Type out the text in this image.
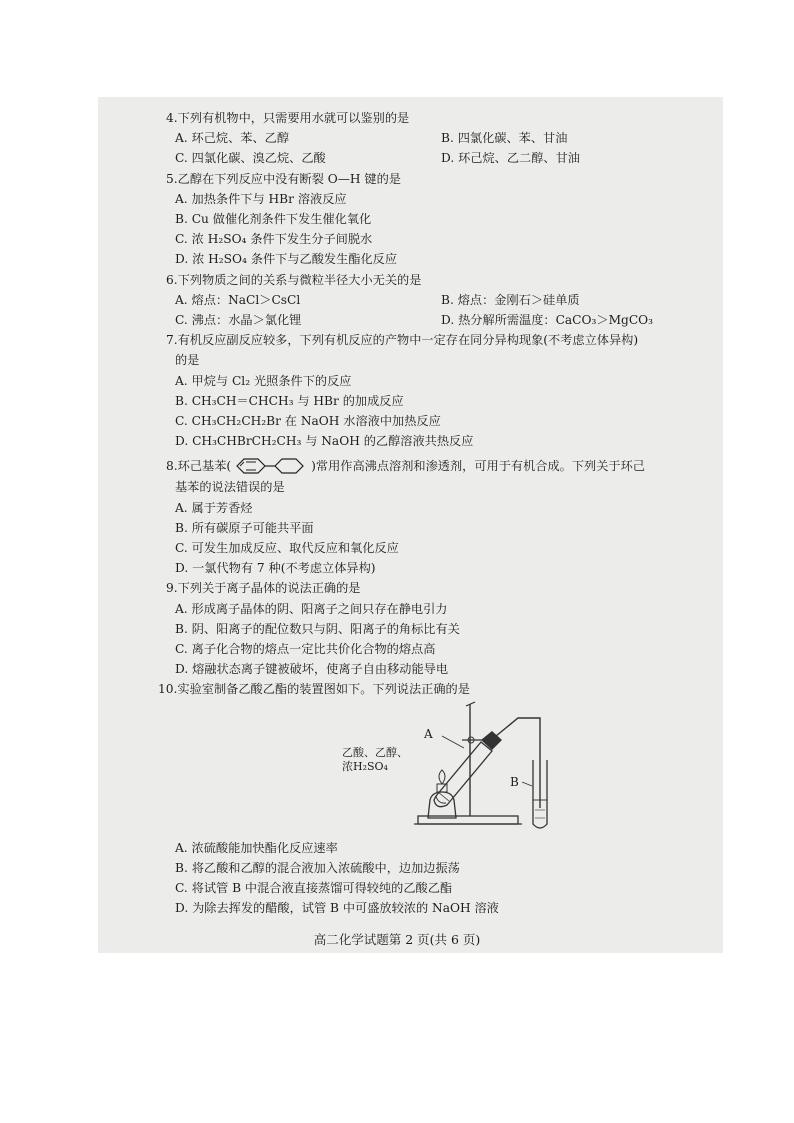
4.下列有机物中，只需要用水就可以鉴别的是

A. 环己烷、苯、乙醇	B. 四氯化碳、苯、甘油
C. 四氯化碳、溴乙烷、乙酸	D. 环己烷、乙二醇、甘油

5.乙醇在下列反应中没有断裂 O—H 键的是

A. 加热条件下与 HBr 溶液反应

B. Cu 做催化剂条件下发生催化氧化

C. 浓 H₂SO₄ 条件下发生分子间脱水

D. 浓 H₂SO₄ 条件下与乙酸发生酯化反应

6.下列物质之间的关系与微粒半径大小无关的是

A. 熔点：NaCl＞CsCl	B. 熔点：金刚石＞硅单质
C. 沸点：水晶＞氯化锂	D. 热分解所需温度：CaCO₃＞MgCO₃

7.有机反应副反应较多，下列有机反应的产物中一定存在同分异构现象(不考虑立体异构)

的是

A. 甲烷与 Cl₂ 光照条件下的反应

B. CH₃CH＝CHCH₃ 与 HBr 的加成反应

C. CH₃CH₂CH₂Br 在 NaOH 水溶液中加热反应

D. CH₃CHBrCH₂CH₃ 与 NaOH 的乙醇溶液共热反应

8.环己基苯(	)常用作高沸点溶剂和渗透剂，可用于有机合成。下列关于环己

基苯的说法错误的是

A. 属于芳香烃

B. 所有碳原子可能共平面

C. 可发生加成反应、取代反应和氧化反应

D. 一氯代物有 7 种(不考虑立体异构)

9.下列关于离子晶体的说法正确的是

A. 形成离子晶体的阴、阳离子之间只存在静电引力

B. 阴、阳离子的配位数只与阴、阳离子的角标比有关

C. 离子化合物的熔点一定比共价化合物的熔点高

D. 熔融状态离子键被破坏，使离子自由移动能导电

10.实验室制备乙酸乙酯的装置图如下。下列说法正确的是

A
B
乙酸、乙醇、
浓H₂SO₄

A. 浓硫酸能加快酯化反应速率

B. 将乙酸和乙醇的混合液加入浓硫酸中，边加边振荡

C. 将试管 B 中混合液直接蒸馏可得较纯的乙酸乙酯

D. 为除去挥发的醋酸，试管 B 中可盛放较浓的 NaOH 溶液

高二化学试题第 2 页(共 6 页)
